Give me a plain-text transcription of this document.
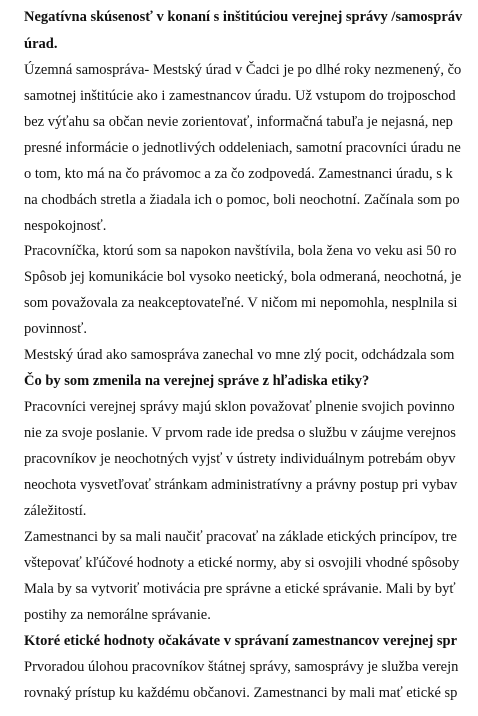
Negatívna skúsenosť v konaní s inštitúciou verejnej správy /samospráv
úrad.
Územná samospráva- Mestský úrad v Čadci je po dlhé roky nezmenený, čo
samotnej inštitúcie ako i zamestnancov úradu. Už vstupom do trojposchod
bez výťahu sa občan nevie zorientovať, informačná tabuľa je nejasná, nep
presné informácie o jednotlivých oddeleniach, samotní pracovníci úradu ne
o tom, kto má na čo právomoc a za čo zodpovedá. Zamestnanci úradu, s k
na chodbách stretla a žiadala ich o pomoc, boli neochotní. Začínala som po
nespokojnosť.
Pracovníčka, ktorú som sa napokon navštívila, bola žena vo veku asi 50 ro
Spôsob jej komunikácie bol vysoko neetický, bola odmeraná, neochotná, je
som považovala za neakceptovateľné. V ničom mi nepomohla, nesplnila si
povinnosť.
Mestský úrad ako samospráva zanechal vo mne zlý pocit, odchádzala som
Čo by som zmenila na verejnej správe z hľadiska etiky?
Pracovníci verejnej správy majú sklon považovať plnenie svojich povinno
nie za svoje poslanie. V prvom rade ide predsa o službu v záujme verejnos
pracovníkov je neochotných vyjsť v ústrety individuálnym potrebám obyv
neochota vysvetľovať stránkam administratívny a právny postup pri vybav
záležitostí.
Zamestnanci by sa mali naučiť pracovať na základe etických princípov, tre
vštepovať kľúčové hodnoty a etické normy, aby si osvojili vhodné spôsoby
Mala by sa vytvoriť motivácia pre správne a etické správanie. Mali by byť
postihy za nemorálne správanie.
Ktoré etické hodnoty očakávate v správaní zamestnancov verejnej spr
Prvoradou úlohou pracovníkov štátnej správy, samosprávy je služba verejn
rovnaký prístup ku každému občanovi. Zamestnanci by mali mať etické sp
